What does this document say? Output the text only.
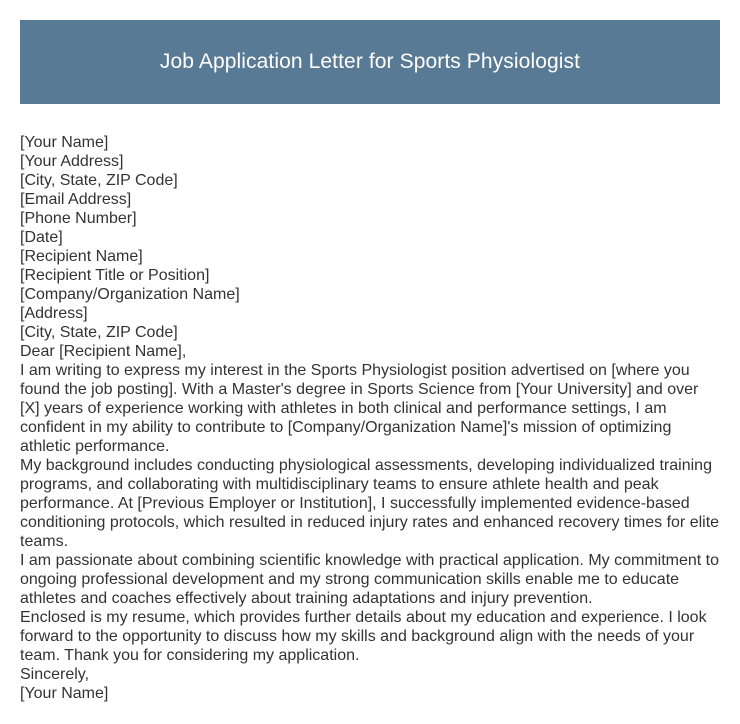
Job Application Letter for Sports Physiologist

[Your Name]

[Your Address]

[City, State, ZIP Code]

[Email Address]

[Phone Number]

[Date]

[Recipient Name]

[Recipient Title or Position]

[Company/Organization Name]

[Address]

[City, State, ZIP Code]

Dear [Recipient Name],

I am writing to express my interest in the Sports Physiologist position advertised on [where you found the job posting]. With a Master's degree in Sports Science from [Your University] and over [X] years of experience working with athletes in both clinical and performance settings, I am confident in my ability to contribute to [Company/Organization Name]'s mission of optimizing athletic performance.

My background includes conducting physiological assessments, developing individualized training programs, and collaborating with multidisciplinary teams to ensure athlete health and peak performance. At [Previous Employer or Institution], I successfully implemented evidence-based conditioning protocols, which resulted in reduced injury rates and enhanced recovery times for elite teams.

I am passionate about combining scientific knowledge with practical application. My commitment to ongoing professional development and my strong communication skills enable me to educate athletes and coaches effectively about training adaptations and injury prevention.

Enclosed is my resume, which provides further details about my education and experience. I look forward to the opportunity to discuss how my skills and background align with the needs of your team. Thank you for considering my application.

Sincerely,

[Your Name]
